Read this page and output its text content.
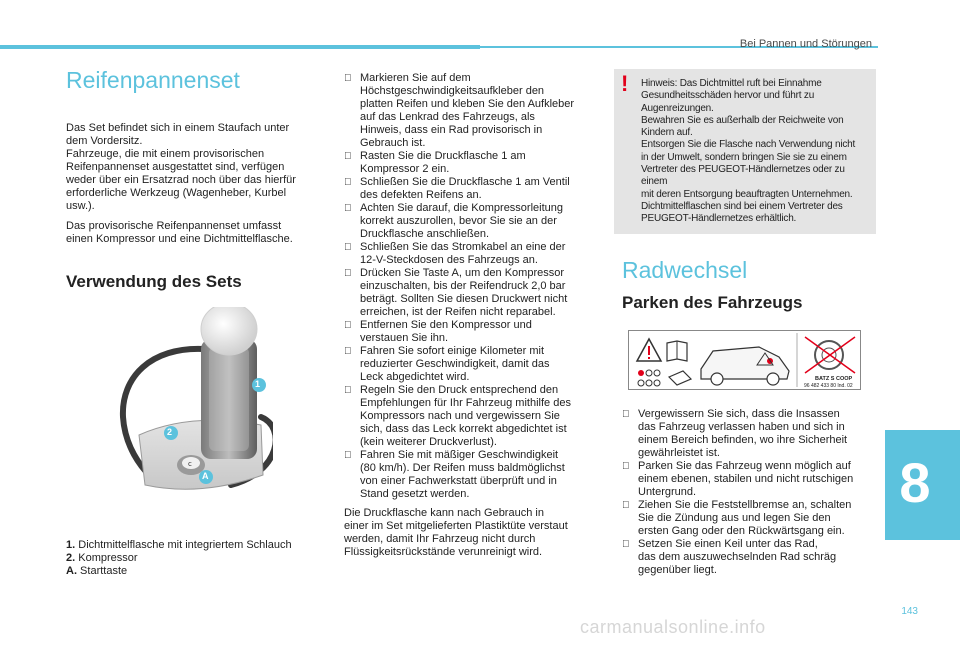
Bei Pannen und Störungen
8
Reifenpannenset

Das Set befindet sich in einem Staufach unter
dem Vordersitz.
Fahrzeuge, die mit einem provisorischen
Reifenpannenset ausgestattet sind, verfügen
weder über ein Ersatzrad noch über das hierfür
erforderliche Werkzeug (Wagenheber, Kurbel
usw.).

Das provisorische Reifenpannenset umfasst
einen Kompressor und eine Dichtmittelflasche.

Verwendung des Sets
c
1
2
A
1. Dichtmittelflasche mit integriertem Schlauch
2. Kompressor
A. Starttaste
Markieren Sie auf dem
Höchstgeschwindigkeitsaufkleber den
platten Reifen und kleben Sie den Aufkleber
auf das Lenkrad des Fahrzeugs, als
Hinweis, dass ein Rad provisorisch in
Gebrauch ist.
Rasten Sie die Druckflasche 1 am
Kompressor 2 ein.
Schließen Sie die Druckflasche 1 am Ventil
des defekten Reifens an.
Achten Sie darauf, die Kompressorleitung
korrekt auszurollen, bevor Sie sie an der
Druckflasche anschließen.
Schließen Sie das Stromkabel an eine der
12-V-Steckdosen des Fahrzeugs an.
Drücken Sie Taste A, um den Kompressor
einzuschalten, bis der Reifendruck 2,0 bar
beträgt. Sollten Sie diesen Druckwert nicht
erreichen, ist der Reifen nicht reparabel.
Entfernen Sie den Kompressor und
verstauen Sie ihn.
Fahren Sie sofort einige Kilometer mit
reduzierter Geschwindigkeit, damit das
Leck abgedichtet wird.
Regeln Sie den Druck entsprechend den
Empfehlungen für Ihr Fahrzeug mithilfe des
Kompressors nach und vergewissern Sie
sich, dass das Leck korrekt abgedichtet ist
(kein weiterer Druckverlust).
Fahren Sie mit mäßiger Geschwindigkeit
(80 km/h). Der Reifen muss baldmöglichst
von einer Fachwerkstatt überprüft und in
Stand gesetzt werden.

Die Druckflasche kann nach Gebrauch in
einer im Set mitgelieferten Plastiktüte verstaut
werden, damit Ihr Fahrzeug nicht durch
Flüssigkeitsrückstände verunreinigt wird.

! Hinweis: Das Dichtmittel ruft bei Einnahme
Gesundheitsschäden hervor und führt zu
Augenreizungen.
Bewahren Sie es außerhalb der Reichweite von
Kindern auf.
Entsorgen Sie die Flasche nach Verwendung nicht
in der Umwelt, sondern bringen Sie sie zu einem
Vertreter des PEUGEOT-Händlernetzes oder zu einem
mit deren Entsorgung beauftragten Unternehmen.
Dichtmittelflaschen sind bei einem Vertreter des
PEUGEOT-Händlernetzes erhältlich.
Radwechsel
Parken des Fahrzeugs
BATZ S COOP
96 482 433 80 Ind. 02
Vergewissern Sie sich, dass die Insassen
das Fahrzeug verlassen haben und sich in
einem Bereich befinden, wo ihre Sicherheit
gewährleistet ist.
Parken Sie das Fahrzeug wenn möglich auf
einem ebenen, stabilen und nicht rutschigen
Untergrund.
Ziehen Sie die Feststellbremse an, schalten
Sie die Zündung aus und legen Sie den
ersten Gang oder den Rückwärtsgang ein.
Setzen Sie einen Keil unter das Rad,
das dem auszuwechselnden Rad schräg
gegenüber liegt.
143
carmanualsonline.info
